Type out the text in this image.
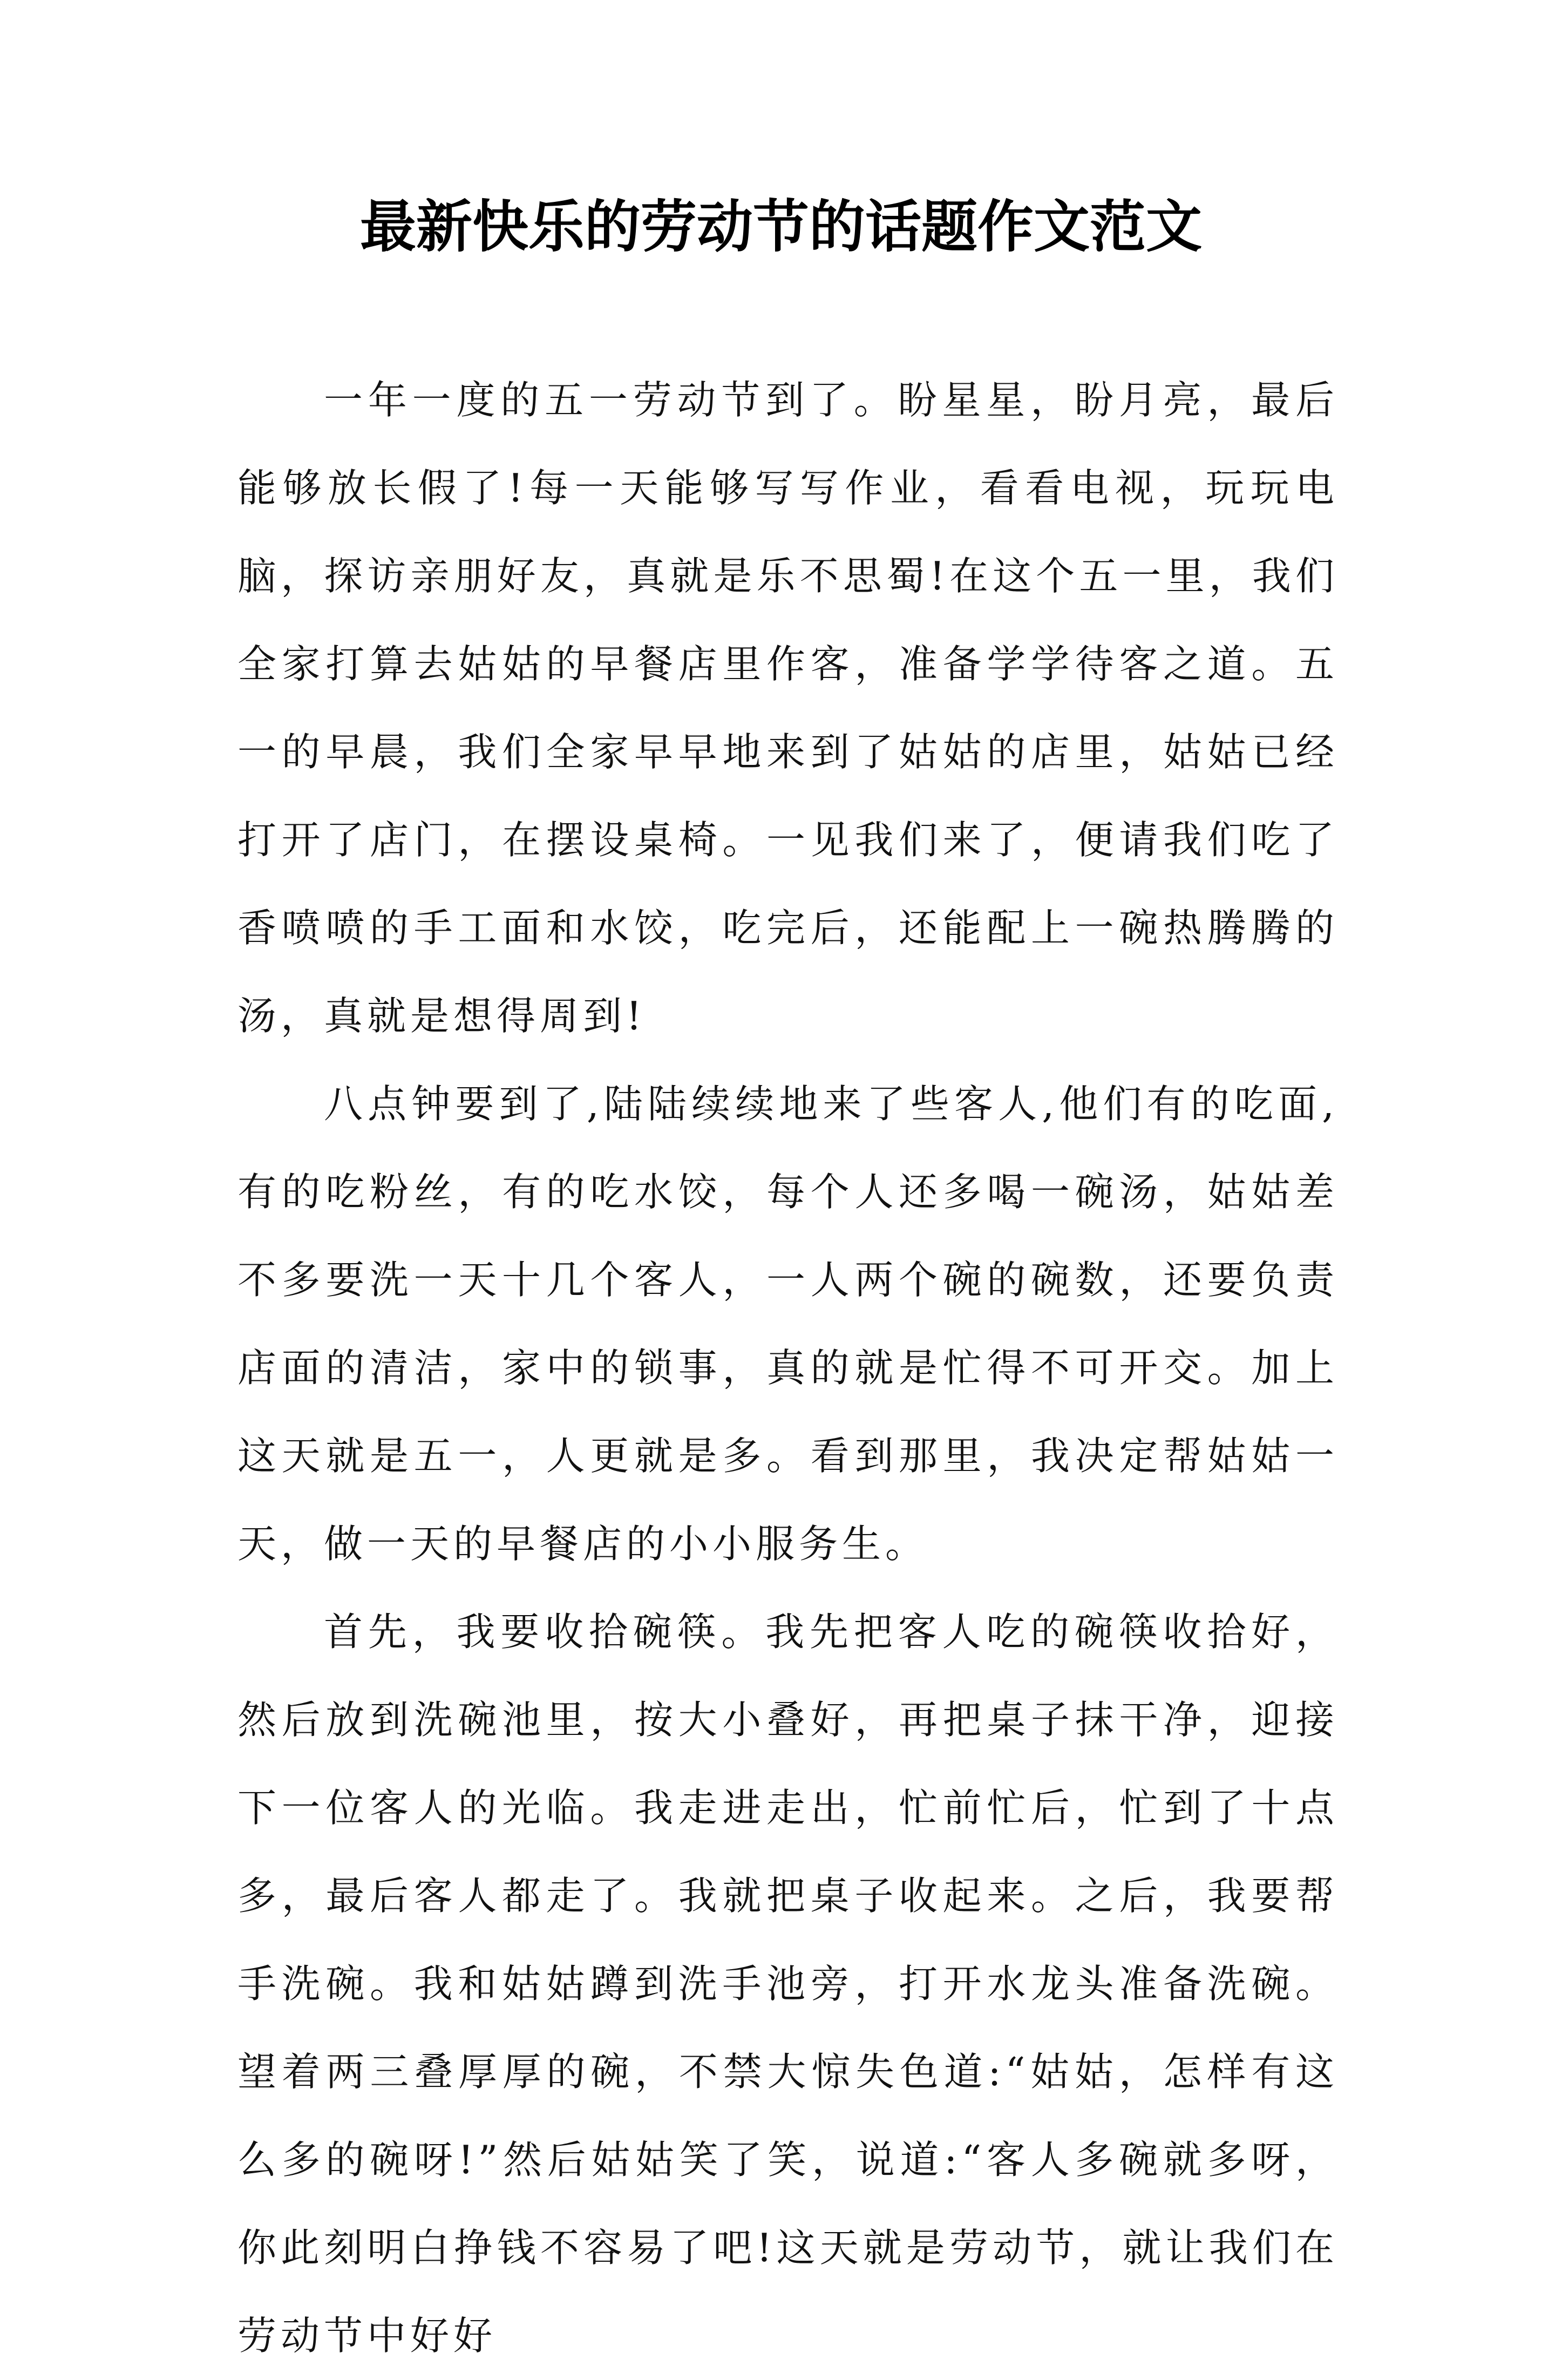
最新快乐的劳动节的话题作文范文

一年一度的五一劳动节到了。盼星星，盼月亮，最后能够放长假了!每一天能够写写作业，看看电视，玩玩电脑，探访亲朋好友，真就是乐不思蜀!在这个五一里，我们全家打算去姑姑的早餐店里作客，准备学学待客之道。五一的早晨，我们全家早早地来到了姑姑的店里，姑姑已经打开了店门，在摆设桌椅。一见我们来了，便请我们吃了香喷喷的手工面和水饺，吃完后，还能配上一碗热腾腾的汤，真就是想得周到!

八点钟要到了,陆陆续续地来了些客人,他们有的吃面,有的吃粉丝，有的吃水饺，每个人还多喝一碗汤，姑姑差不多要洗一天十几个客人，一人两个碗的碗数，还要负责店面的清洁，家中的锁事，真的就是忙得不可开交。加上这天就是五一，人更就是多。看到那里，我决定帮姑姑一天，做一天的早餐店的小小服务生。

首先，我要收拾碗筷。我先把客人吃的碗筷收拾好，然后放到洗碗池里，按大小叠好，再把桌子抹干净，迎接下一位客人的光临。我走进走出，忙前忙后，忙到了十点多，最后客人都走了。我就把桌子收起来。之后，我要帮手洗碗。我和姑姑蹲到洗手池旁，打开水龙头准备洗碗。望着两三叠厚厚的碗，不禁大惊失色道:“姑姑，怎样有这么多的碗呀!”然后姑姑笑了笑，说道:“客人多碗就多呀，你此刻明白挣钱不容易了吧!这天就是劳动节，就让我们在劳动节中好好
